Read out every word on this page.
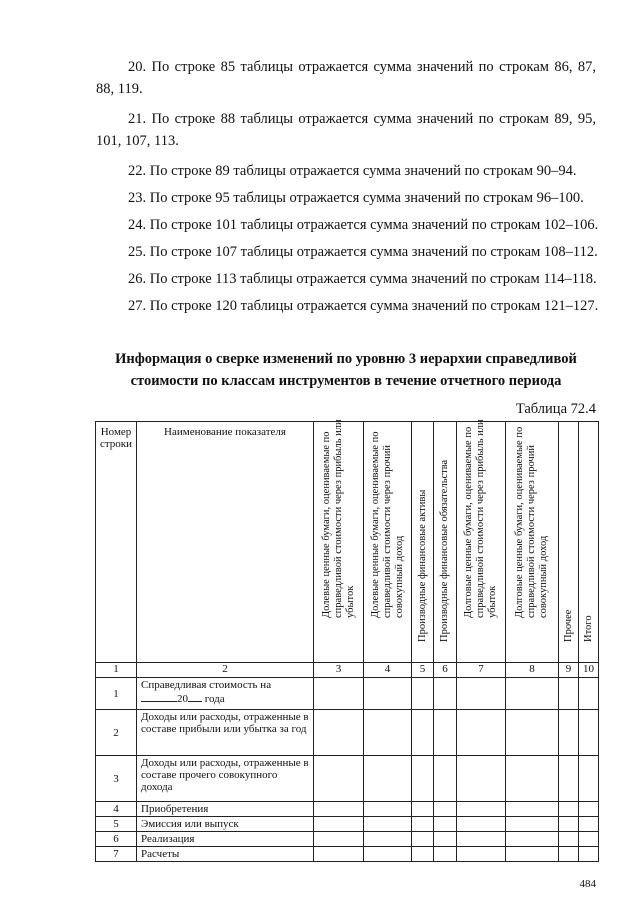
20. По строке 85 таблицы отражается сумма значений по строкам 86, 87, 88, 119.

21. По строке 88 таблицы отражается сумма значений по строкам 89, 95, 101, 107, 113.

22. По строке 89 таблицы отражается сумма значений по строкам 90–94.

23. По строке 95 таблицы отражается сумма значений по строкам 96–100.

24. По строке 101 таблицы отражается сумма значений по строкам 102–106.

25. По строке 107 таблицы отражается сумма значений по строкам 108–112.

26. По строке 113 таблицы отражается сумма значений по строкам 114–118.

27. По строке 120 таблицы отражается сумма значений по строкам 121–127.

Информация о сверке изменений по уровню 3 иерархии справедливой стоимости по классам инструментов в течение отчетного периода

Таблица 72.4
Номер строки	Наименование показателя	Долевые ценные бумаги, оцениваемые по справедливой стоимости через прибыль или убыток	Долевые ценные бумаги, оцениваемые по справедливой стоимости через прочий совокупный доход	Производные финансовые активы	Производные финансовые обязательства	Долговые ценные бумаги, оцениваемые по справедливой стоимости через прибыль или убыток	Долговые ценные бумаги, оцениваемые по справедливой стоимости через прочий совокупный доход	Прочее	Итого

1	2	3	4	5	6	7	8	9	10
1	Справедливая стоимость на
20 года								
2	Доходы или расходы, отраженные в составе прибыли или убытка за год								
3	Доходы или расходы, отраженные в составе прочего совокупного дохода								
4	Приобретения								
5	Эмиссия или выпуск								
6	Реализация								
7	Расчеты								
484
